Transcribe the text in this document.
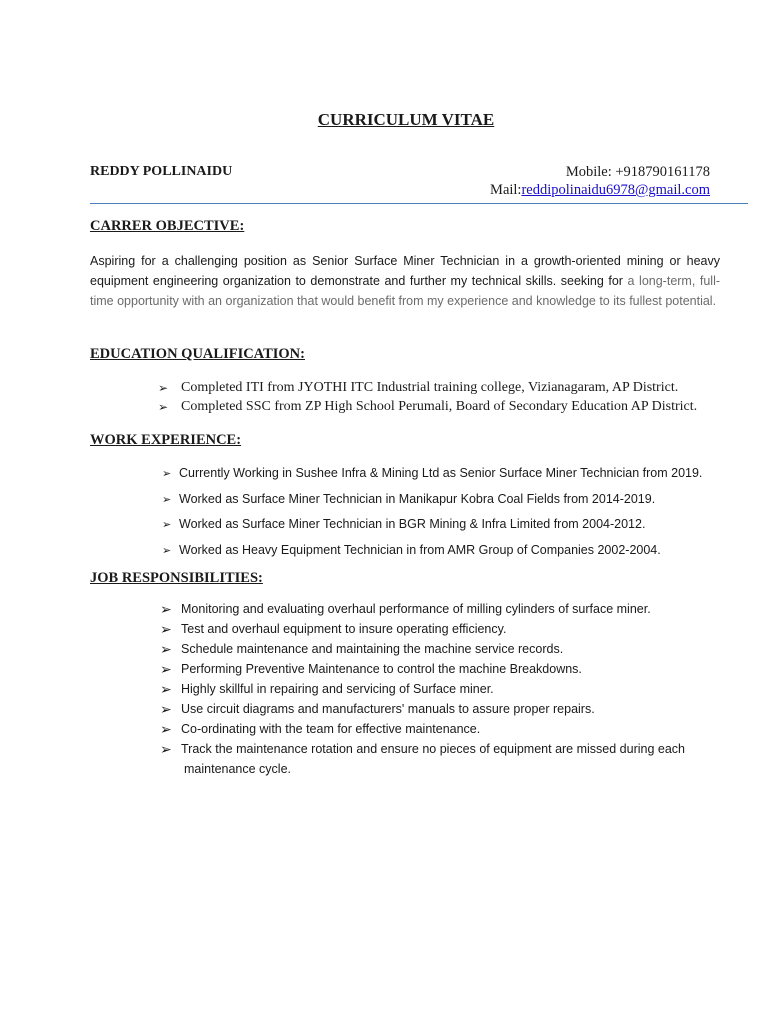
CURRICULUM VITAE
REDDY POLLINAIDU	Mobile: +918790161178
Mail:reddipolinaidu6978@gmail.com
CARRER OBJECTIVE:
Aspiring for a challenging position as Senior Surface Miner Technician in a growth-oriented mining or heavy equipment engineering organization to demonstrate and further my technical skills. seeking for a long-term, full-time opportunity with an organization that would benefit from my experience and knowledge to its fullest potential.
EDUCATION QUALIFICATION:
➢ Completed ITI from JYOTHI ITC Industrial training college, Vizianagaram, AP District.
➢ Completed SSC from ZP High School Perumali, Board of Secondary Education AP District.
WORK EXPERIENCE:
➢ Currently Working in Sushee Infra & Mining Ltd as Senior Surface Miner Technician from 2019.
➢ Worked as Surface Miner Technician in Manikapur Kobra Coal Fields from 2014-2019.
➢ Worked as Surface Miner Technician in BGR Mining & Infra Limited from 2004-2012.
➢ Worked as Heavy Equipment Technician in from AMR Group of Companies 2002-2004.
JOB RESPONSIBILITIES:
➢ Monitoring and evaluating overhaul performance of milling cylinders of surface miner.
➢ Test and overhaul equipment to insure operating efficiency.
➢ Schedule maintenance and maintaining the machine service records.
➢ Performing Preventive Maintenance to control the machine Breakdowns.
➢ Highly skillful in repairing and servicing of Surface miner.
➢ Use circuit diagrams and manufacturers' manuals to assure proper repairs.
➢ Co-ordinating with the team for effective maintenance.
➢ Track the maintenance rotation and ensure no pieces of equipment are missed during each
maintenance cycle.
